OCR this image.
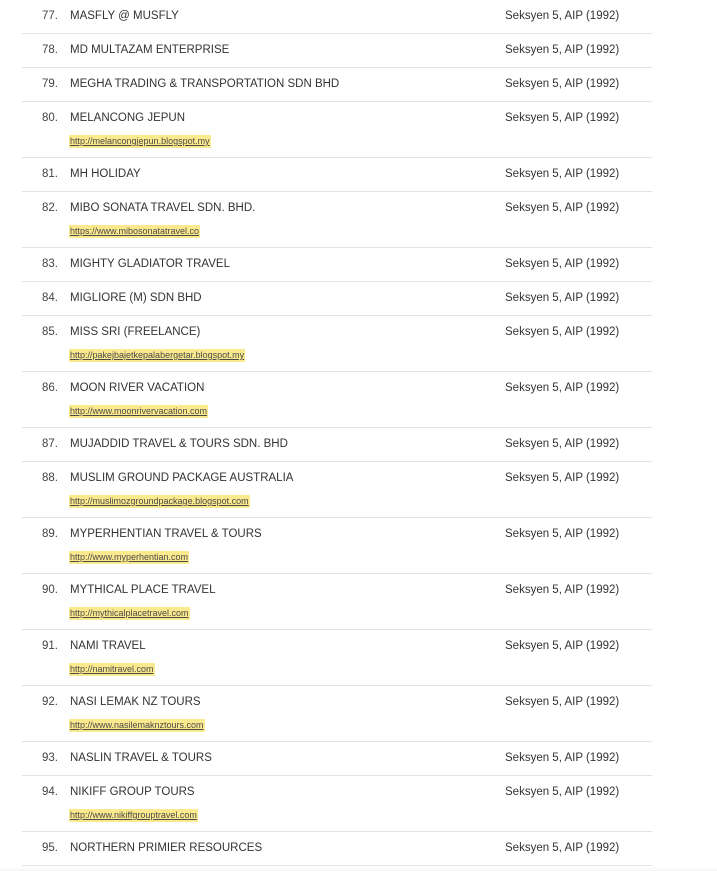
77. MASFLY @ MUSFLY	Seksyen 5, AIP (1992)
78. MD MULTAZAM ENTERPRISE	Seksyen 5, AIP (1992)
79. MEGHA TRADING & TRANSPORTATION SDN BHD	Seksyen 5, AIP (1992)
80. MELANCONG JEPUN	Seksyen 5, AIP (1992)
http://melancongjepun.blogspot.my
81. MH HOLIDAY	Seksyen 5, AIP (1992)
82. MIBO SONATA TRAVEL SDN. BHD.	Seksyen 5, AIP (1992)
https://www.mibosonatatravel.co
83. MIGHTY GLADIATOR TRAVEL	Seksyen 5, AIP (1992)
84. MIGLIORE (M) SDN BHD	Seksyen 5, AIP (1992)
85. MISS SRI (FREELANCE)	Seksyen 5, AIP (1992)
http://pakejbajetkepalabergetar.blogspot.my
86. MOON RIVER VACATION	Seksyen 5, AIP (1992)
http://www.moonrivervacation.com
87. MUJADDID TRAVEL & TOURS SDN. BHD	Seksyen 5, AIP (1992)
88. MUSLIM GROUND PACKAGE AUSTRALIA	Seksyen 5, AIP (1992)
http://muslimozgroundpackage.blogspot.com
89. MYPERHENTIAN TRAVEL & TOURS	Seksyen 5, AIP (1992)
http://www.myperhentian.com
90. MYTHICAL PLACE TRAVEL	Seksyen 5, AIP (1992)
http://mythicalplacetravel.com
91. NAMI TRAVEL	Seksyen 5, AIP (1992)
http://namitravel.com
92. NASI LEMAK NZ TOURS	Seksyen 5, AIP (1992)
http://www.nasilemaknztours.com
93. NASLIN TRAVEL & TOURS	Seksyen 5, AIP (1992)
94. NIKIFF GROUP TOURS	Seksyen 5, AIP (1992)
http://www.nikiffgrouptravel.com
95. NORTHERN PRIMIER RESOURCES	Seksyen 5, AIP (1992)
